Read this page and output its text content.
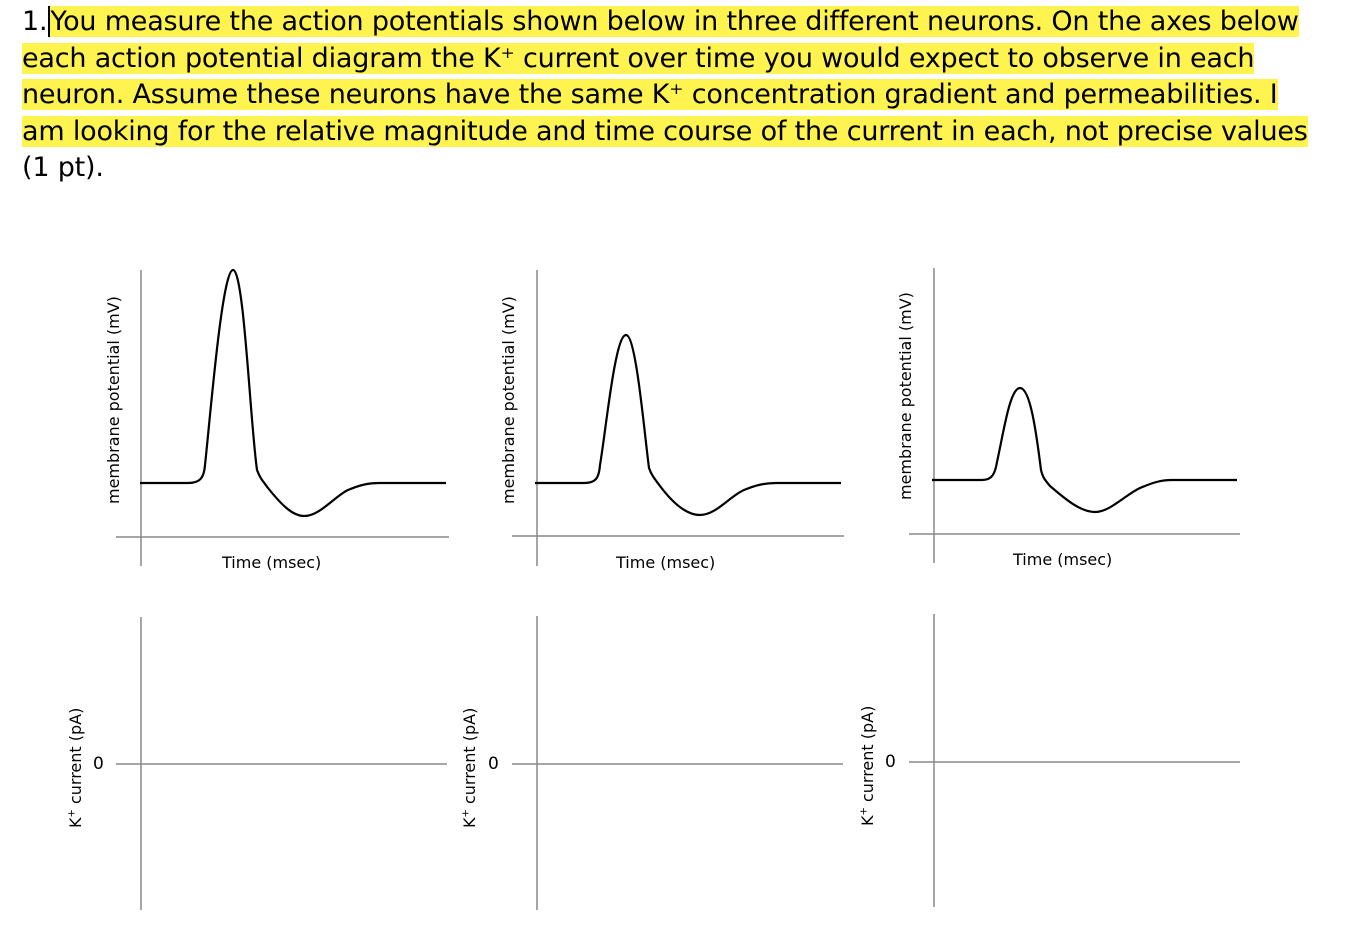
1. You measure the action potentials shown below in three different neurons. On the axes below each action potential diagram the K⁺ current over time you would expect to observe in each neuron. Assume these neurons have the same K⁺ concentration gradient and permeabilities. I am looking for the relative magnitude and time course of the current in each, not precise values (1 pt).

membrane potential (mV)
Time (msec)
membrane potential (mV)
Time (msec)
membrane potential (mV)
Time (msec)
K+ current (pA) 0
K+ current (pA) 0
K+ current (pA) 0
